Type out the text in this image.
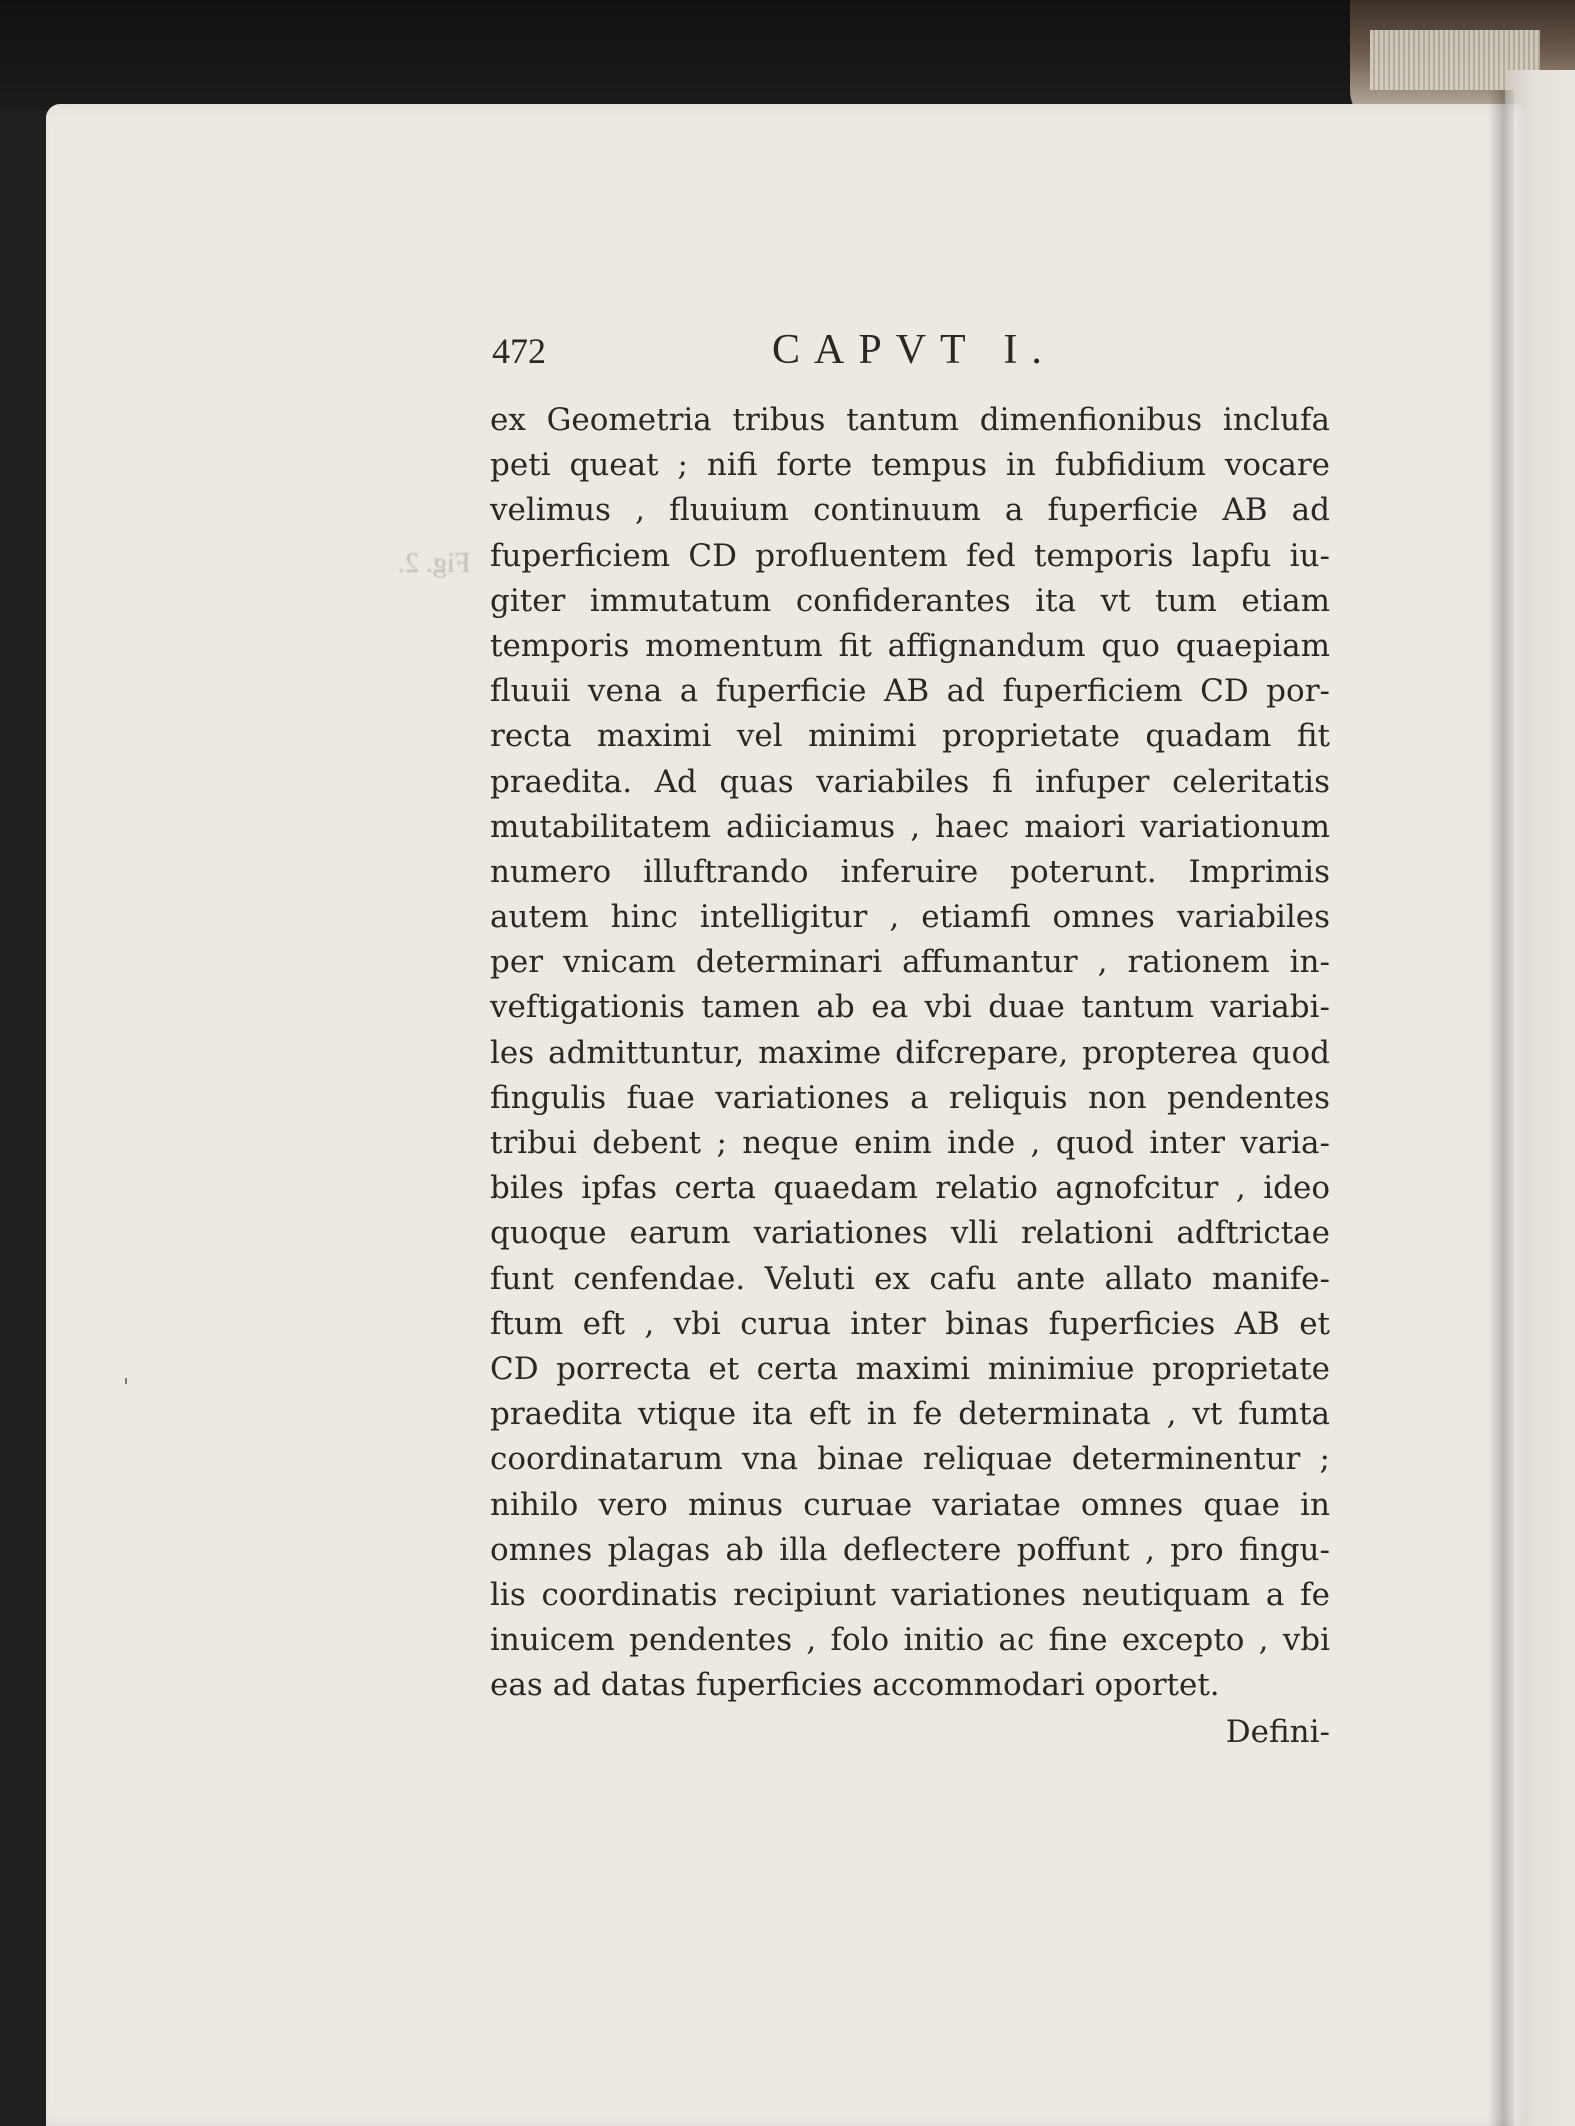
Fig. 2.
472	CAPVT I.
ex Geometria tribus tantum dimenfionibus inclufa
peti queat ; nifi forte tempus in fubfidium vocare
velimus , fluuium continuum a fuperficie AB ad
fuperficiem CD profluentem fed temporis lapfu iu-
giter immutatum confiderantes ita vt tum etiam
temporis momentum fit affignandum quo quaepiam
fluuii vena a fuperficie AB ad fuperficiem CD por-
recta maximi vel minimi proprietate quadam fit
praedita. Ad quas variabiles fi infuper celeritatis
mutabilitatem adiiciamus , haec maiori variationum
numero illuftrando inferuire poterunt. Imprimis
autem hinc intelligitur , etiamfi omnes variabiles
per vnicam determinari affumantur , rationem in-
veftigationis tamen ab ea vbi duae tantum variabi-
les admittuntur, maxime difcrepare, propterea quod
fingulis fuae variationes a reliquis non pendentes
tribui debent ; neque enim inde , quod inter varia-
biles ipfas certa quaedam relatio agnofcitur , ideo
quoque earum variationes vlli relationi adftrictae
funt cenfendae. Veluti ex cafu ante allato manife-
ftum eft , vbi curua inter binas fuperficies AB et
CD porrecta et certa maximi minimiue proprietate
praedita vtique ita eft in fe determinata , vt fumta
coordinatarum vna binae reliquae determinentur ;
nihilo vero minus curuae variatae omnes quae in
omnes plagas ab illa deflectere poffunt , pro fingu-
lis coordinatis recipiunt variationes neutiquam a fe
inuicem pendentes , folo initio ac fine excepto , vbi
eas ad datas fuperficies accommodari oportet.
Defini-
